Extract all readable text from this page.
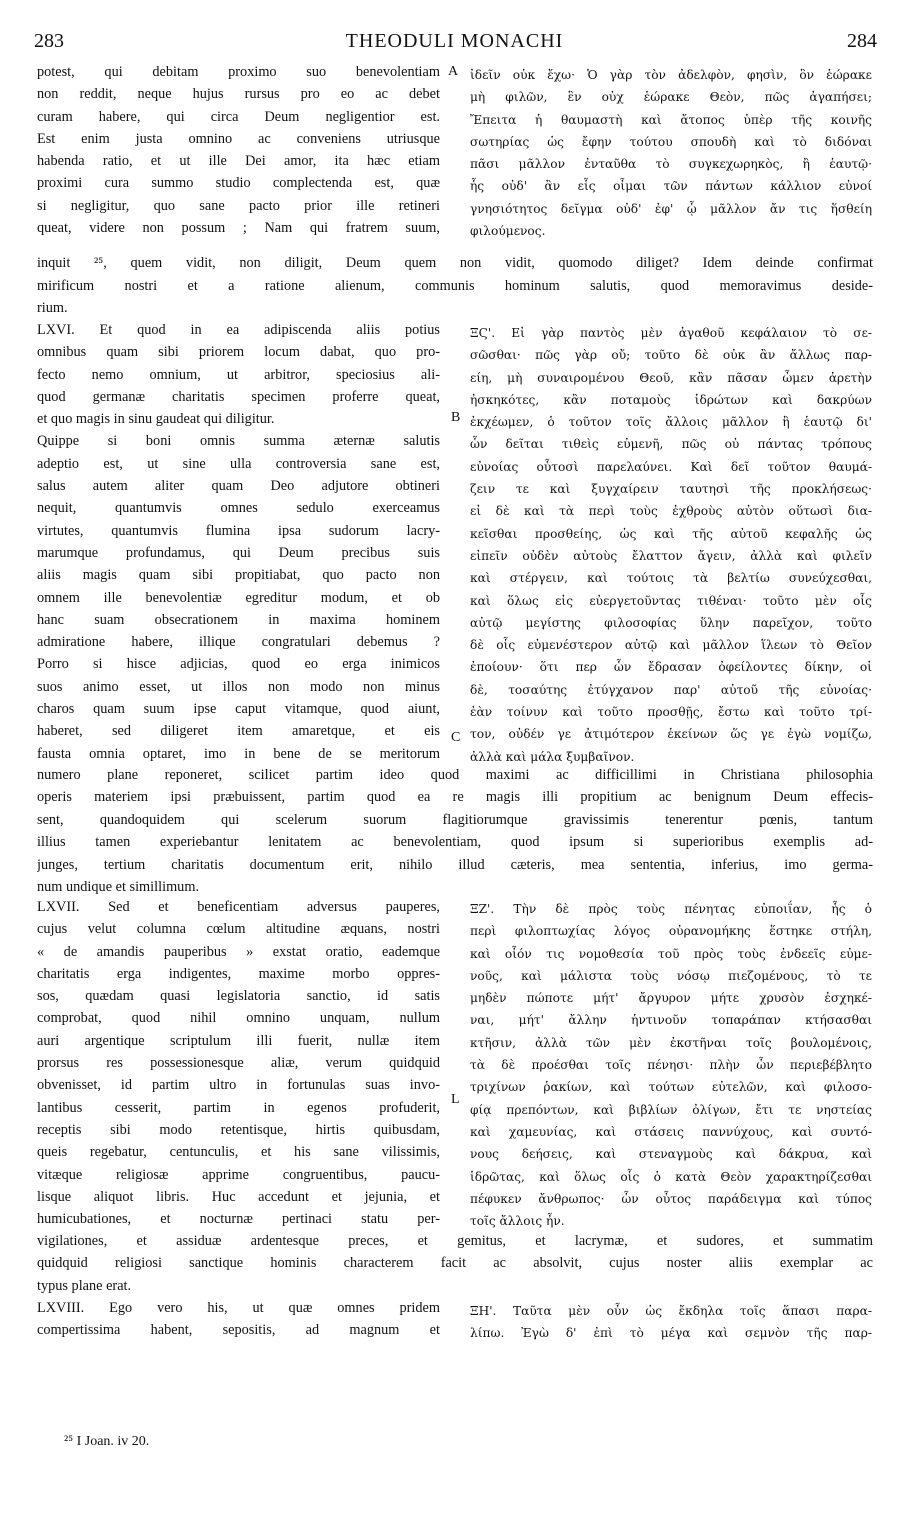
283	THEODULI MONACHI	284
potest, qui debitam proximo suo benevolentiam
non reddit, neque hujus rursus pro eo ac debet
curam habere, qui circa Deum negligentior est.
Est enim justa omnino ac conveniens utriusque
habenda ratio, et ut ille Dei amor, ita hæc etiam
proximi cura summo studio complectenda est, quæ
si negligitur, quo sane pacto prior ille retineri
queat, videre non possum ; Nam qui fratrem suum,
ἰδεῖν οὐκ ἔχω· Ὁ γὰρ τὸν ἀδελφὸν, φησὶν, ὃν ἑώρακε
μὴ φιλῶν, ἓν οὐχ ἑώρακε Θεὸν, πῶς ἀγαπήσει;
Ἔπειτα ἡ θαυμαστὴ καὶ ἄτοπος ὑπὲρ τῆς κοινῆς
σωτηρίας ὡς ἔφην τούτου σπουδὴ καὶ τὸ διδόναι
πᾶσι μᾶλλον ἐνταῦθα τὸ συγκεχωρηκὸς, ἢ ἑαυτῷ·
ἧς οὐδ' ἂν εἷς οἶμαι τῶν πάντων κάλλιον εὐνοί
γνησιότητος δεῖγμα οὐδ' ἐφ' ᾧ μᾶλλον ἄν τις ἥσθείη
φιλούμενος.
inquit ²⁵, quem vidit, non diligit, Deum quem non vidit, quomodo diliget? Idem deinde confirmat
mirificum nostri et a ratione alienum, communis hominum salutis, quod memoravimus deside-
rium.
LXVI. Et quod in ea adipiscenda aliis potius
omnibus quam sibi priorem locum dabat, quo pro-
fecto nemo omnium, ut arbitror, speciosius ali-
quod germanæ charitatis specimen proferre queat,
et quo magis in sinu gaudeat qui diligitur.
Quippe si boni omnis summa æternæ salutis
adeptio est, ut sine ulla controversia sane est,
salus autem aliter quam Deo adjutore obtineri
nequit, quantumvis omnes sedulo exerceamus
virtutes, quantumvis flumina ipsa sudorum lacry-
marumque profundamus, qui Deum precibus suis
aliis magis quam sibi propitiabat, quo pacto non
omnem ille benevolentiæ egreditur modum, et ob
hanc suam obsecrationem in maxima hominem
admiratione habere, illique congratulari debemus ?
Porro si hisce adjicias, quod eo erga inimicos
suos animo esset, ut illos non modo non minus
charos quam suum ipse caput vitamque, quod aiunt,
haberet, sed diligeret item amaretque, et eis
fausta omnia optaret, imo in bene de se meritorum
ΞϚ'. Εἰ γὰρ παντὸς μὲν ἀγαθοῦ κεφάλαιον τὸ σε-
σῶσθαι· πῶς γὰρ οὔ; τοῦτο δὲ οὐκ ἂν ἄλλως παρ-
είη, μὴ συναιρομένου Θεοῦ, κἂν πᾶσαν ὦμεν ἀρετὴν
ἠσκηκότες, κἂν ποταμοὺς ἱδρώτων καὶ δακρύων
ἐκχέωμεν, ὁ τοῦτον τοῖς ἄλλοις μᾶλλον ἢ ἑαυτῷ δι'
ὧν δεῖται τιθεὶς εὐμενῆ, πῶς οὐ πάντας τρόπους
εὐνοίας οὗτοσὶ παρελαύνει. Καὶ δεῖ τοῦτον θαυμά-
ζειν τε καὶ ξυγχαίρειν ταυτησὶ τῆς προκλήσεως·
εἰ δὲ καὶ τὰ περὶ τοὺς ἐχθροὺς αὐτὸν οὕτωσὶ δια-
κεῖσθαι προσθείης, ὡς καὶ τῆς αὐτοῦ κεφαλῆς ὡς
εἰπεῖν οὐδὲν αὐτοὺς ἔλαττον ἄγειν, ἀλλὰ καὶ φιλεῖν
καὶ στέργειν, καὶ τούτοις τὰ βελτίω συνεύχεσθαι,
καὶ ὅλως εἰς εὐεργετοῦντας τιθέναι· τοῦτο μὲν οἷς
αὐτῷ μεγίστης φιλοσοφίας ὕλην παρεῖχον, τοῦτο
δὲ οἷς εὐμενέστερον αὐτῷ καὶ μᾶλλον ἵλεων τὸ Θεῖον
ἐποίουν· ὅτι περ ὧν ἔδρασαν ὀφείλοντες δίκην, οἱ
δὲ, τοσαύτης ἐτύγχανον παρ' αὐτοῦ τῆς εὐνοίας·
ἐὰν τοίνυν καὶ τοῦτο προσθῇς, ἔστω καὶ τοῦτο τρί-
τον, οὐδέν γε ἀτιμότερον ἐκείνων ὥς γε ἐγὼ νομίζω,
ἀλλὰ καὶ μάλα ξυμβαῖνον.
numero plane reponeret, scilicet partim ideo quod maximi ac difficillimi in Christiana philosophia
operis materiem ipsi præbuissent, partim quod ea re magis illi propitium ac benignum Deum effecis-
sent, quandoquidem qui scelerum suorum flagitiorumque gravissimis tenerentur pœnis, tantum
illius tamen experiebantur lenitatem ac benevolentiam, quod ipsum si superioribus exemplis ad-
junges, tertium charitatis documentum erit, nihilo illud cæteris, mea sententia, inferius, imo germa-
num undique et simillimum.
LXVII. Sed et beneficentiam adversus pauperes,
cujus velut columna cœlum altitudine æquans, nostri
« de amandis pauperibus » exstat oratio, eademque
charitatis erga indigentes, maxime morbo oppres-
sos, quædam quasi legislatoria sanctio, id satis
comprobat, quod nihil omnino unquam, nullum
auri argentique scriptulum illi fuerit, nullæ item
prorsus res possessionesque aliæ, verum quidquid
obvenisset, id partim ultro in fortunulas suas invo-
lantibus cesserit, partim in egenos profuderit,
receptis sibi modo retentisque, hirtis quibusdam,
queis regebatur, centunculis, et his sane vilissimis,
vitæque religiosæ apprime congruentibus, paucu-
lisque aliquot libris. Huc accedunt et jejunia, et
humicubationes, et nocturnæ pertinaci statu per-
ΞΖ'. Τὴν δὲ πρὸς τοὺς πένητας εὐποιΐαν, ἧς ὁ
περὶ φιλοπτωχίας λόγος οὐρανομήκης ἕστηκε στήλη,
καὶ οἷόν τις νομοθεσία τοῦ πρὸς τοὺς ἐνδεεῖς εὐμε-
νοῦς, καὶ μάλιστα τοὺς νόσῳ πιεζομένους, τὸ τε
μηδὲν πώποτε μήτ' ἄργυρον μήτε χρυσὸν ἐσχηκέ-
ναι, μήτ' ἄλλην ἡντινοῦν τοπαράπαν κτήσασθαι
κτῆσιν, ἀλλὰ τῶν μὲν ἐκστῆναι τοῖς βουλομένοις,
τὰ δὲ προέσθαι τοῖς πένησι· πλὴν ὧν περιεβέβλητο
τριχίνων ῥακίων, καὶ τούτων εὐτελῶν, καὶ φιλοσο-
φίᾳ πρεπόντων, καὶ βιβλίων ὀλίγων, ἔτι τε νηστείας
καὶ χαμευνίας, καὶ στάσεις παννύχους, καὶ συντό-
νους δεήσεις, καὶ στεναγμοὺς καὶ δάκρυα, καὶ
ἱδρῶτας, καὶ ὅλως οἷς ὁ κατὰ Θεὸν χαρακτηρίζεσθαι
πέφυκεν ἄνθρωπος· ὧν οὗτος παράδειγμα καὶ τύπος
τοῖς ἄλλοις ἦν.
vigilationes, et assiduæ ardentesque preces, et gemitus, et lacrymæ, et sudores, et summatim
quidquid religiosi sanctique hominis characterem facit ac absolvit, cujus noster aliis exemplar ac
typus plane erat.
LXVIII. Ego vero his, ut quæ omnes pridem
compertissima habent, sepositis, ad magnum et
ΞΗ'. Ταῦτα μὲν οὖν ὡς ἔκδηλα τοῖς ἅπασι παρα-
λίπω. Ἐγὼ δ' ἐπὶ τὸ μέγα καὶ σεμνὸν τῆς παρ-
A
B
C
L
²⁵ I Joan. iv 20.
